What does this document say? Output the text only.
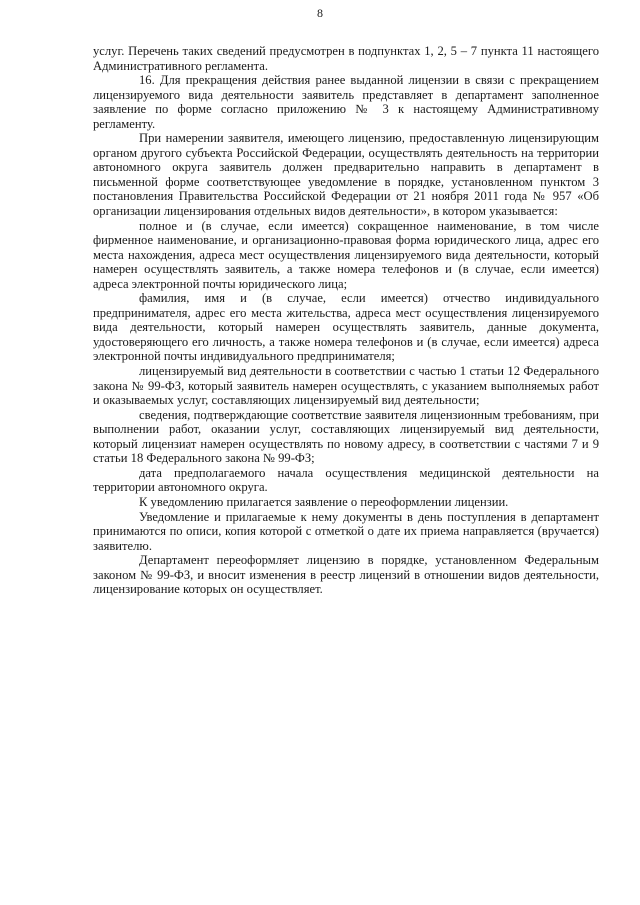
8

услуг. Перечень таких сведений предусмотрен в подпунктах 1, 2, 5 – 7 пункта 11 настоящего Административного регламента.

16. Для прекращения действия ранее выданной лицензии в связи с прекращением лицензируемого вида деятельности заявитель представляет в департамент заполненное заявление по форме согласно приложению № 3 к настоящему Административному регламенту.

При намерении заявителя, имеющего лицензию, предоставленную лицензирующим органом другого субъекта Российской Федерации, осуществлять деятельность на территории автономного округа заявитель должен предварительно направить в департамент в письменной форме соответствующее уведомление в порядке, установленном пунктом 3 постановления Правительства Российской Федерации от 21 ноября 2011 года № 957 «Об организации лицензирования отдельных видов деятельности», в котором указывается:

полное и (в случае, если имеется) сокращенное наименование, в том числе фирменное наименование, и организационно-правовая форма юридического лица, адрес его места нахождения, адреса мест осуществления лицензируемого вида деятельности, который намерен осуществлять заявитель, а также номера телефонов и (в случае, если имеется) адреса электронной почты юридического лица;

фамилия, имя и (в случае, если имеется) отчество индивидуального предпринимателя, адрес его места жительства, адреса мест осуществления лицензируемого вида деятельности, который намерен осуществлять заявитель, данные документа, удостоверяющего его личность, а также номера телефонов и (в случае, если имеется) адреса электронной почты индивидуального предпринимателя;

лицензируемый вид деятельности в соответствии с частью 1 статьи 12 Федерального закона № 99-ФЗ, который заявитель намерен осуществлять, с указанием выполняемых работ и оказываемых услуг, составляющих лицензируемый вид деятельности;

сведения, подтверждающие соответствие заявителя лицензионным требованиям, при выполнении работ, оказании услуг, составляющих лицензируемый вид деятельности, который лицензиат намерен осуществлять по новому адресу, в соответствии с частями 7 и 9 статьи 18 Федерального закона № 99-ФЗ;

дата предполагаемого начала осуществления медицинской деятельности на территории автономного округа.

К уведомлению прилагается заявление о переоформлении лицензии.

Уведомление и прилагаемые к нему документы в день поступления в департамент принимаются по описи, копия которой с отметкой о дате их приема направляется (вручается) заявителю.

Департамент переоформляет лицензию в порядке, установленном Федеральным законом № 99-ФЗ, и вносит изменения в реестр лицензий в отношении видов деятельности, лицензирование которых он осуществляет.
